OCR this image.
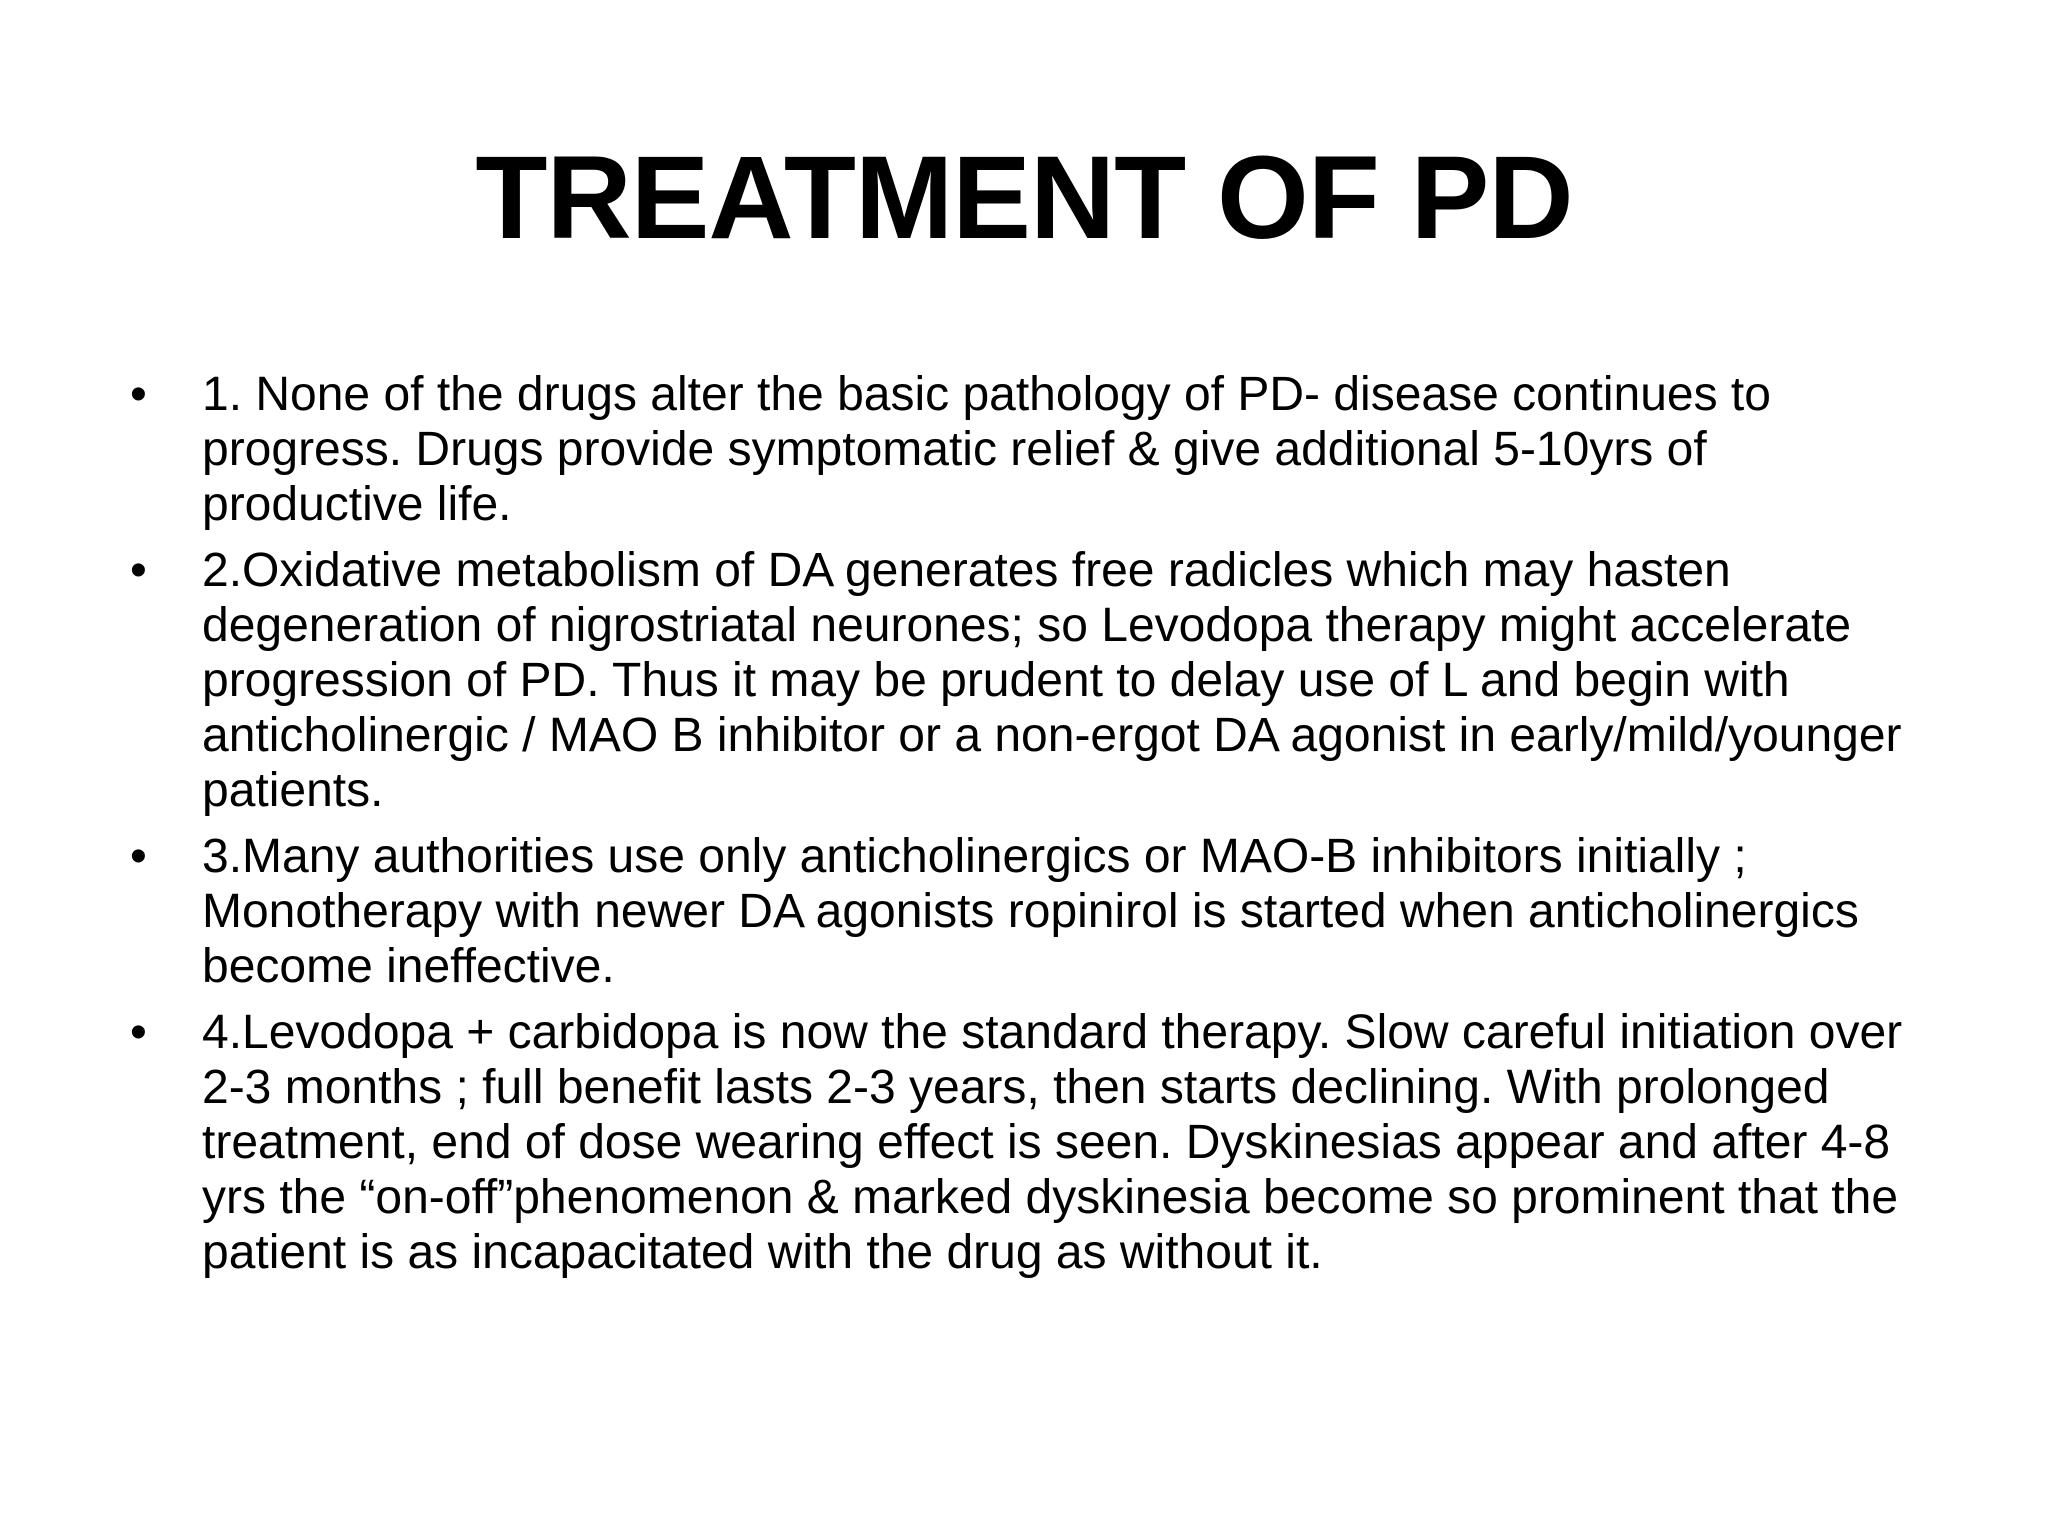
TREATMENT OF PD
• 1. None of the drugs alter the basic pathology of PD- disease continues to progress. Drugs provide symptomatic relief & give additional 5-10yrs of productive life.
• 2.Oxidative metabolism of DA generates free radicles which may hasten degeneration of nigrostriatal neurones; so Levodopa therapy might accelerate progression of PD. Thus it may be prudent to delay use of L and begin with anticholinergic / MAO B inhibitor or a non-ergot DA agonist in early/mild/younger patients.
• 3.Many authorities use only anticholinergics or MAO-B inhibitors initially ; Monotherapy with newer DA agonists ropinirol is started when anticholinergics become ineffective.
• 4.Levodopa + carbidopa is now the standard therapy. Slow careful initiation over 2-3 months ; full benefit lasts 2-3 years, then starts declining. With prolonged treatment, end of dose wearing effect is seen. Dyskinesias appear and after 4-8 yrs the “on-off”phenomenon & marked dyskinesia become so prominent that the patient is as incapacitated with the drug as without it.
